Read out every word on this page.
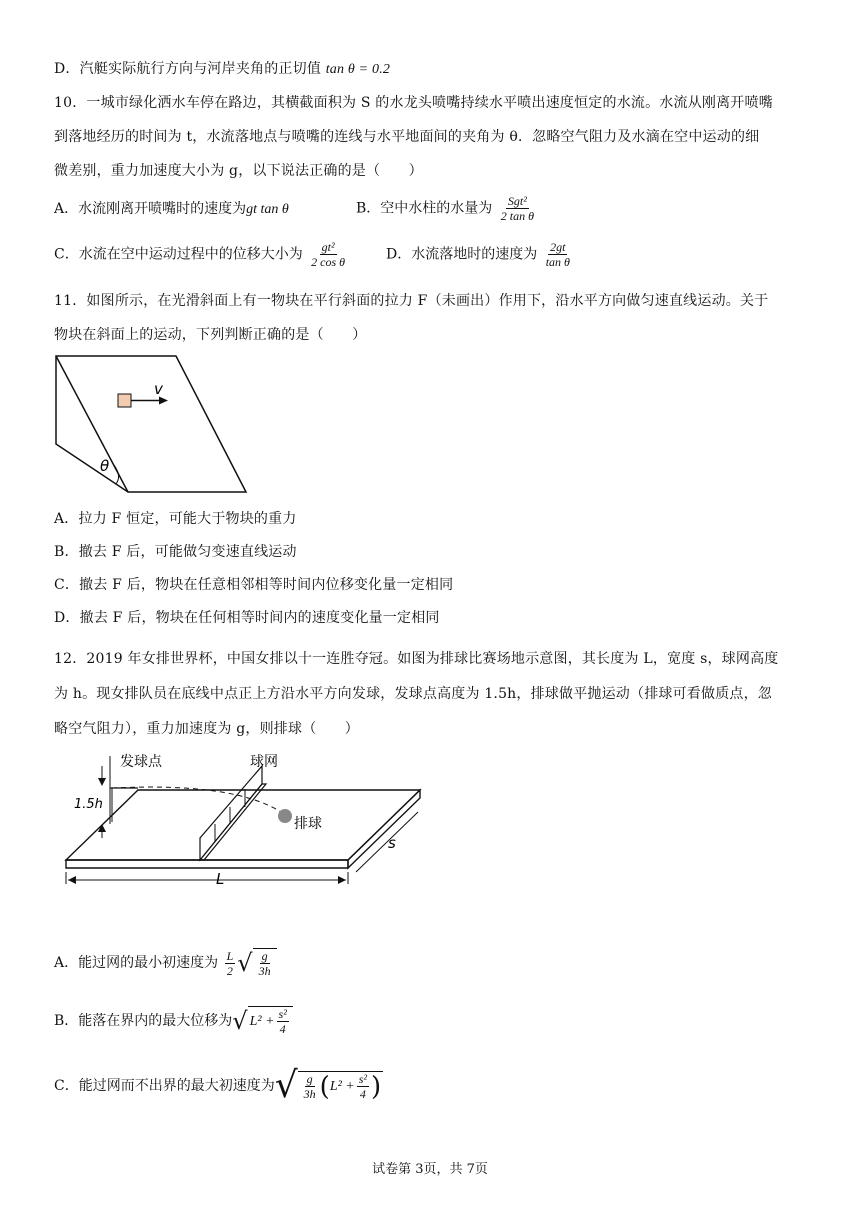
D．汽艇实际航行方向与河岸夹角的正切值 tan θ = 0.2
10．一城市绿化洒水车停在路边，其横截面积为 S 的水龙头喷嘴持续水平喷出速度恒定的水流。水流从刚离开喷嘴
到落地经历的时间为 t，水流落地点与喷嘴的连线与水平地面间的夹角为 θ．忽略空气阻力及水滴在空中运动的细
微差别，重力加速度大小为 g，以下说法正确的是（　　）
A．水流刚离开喷嘴时的速度为gt tan θ	B．空中水柱的水量为 $\frac{\text{Sgt²}}{\text{2 tan θ}}$
C．水流在空中运动过程中的位移大小为 $\frac{\text{gt²}}{\text{2 cos θ}}$	D．水流落地时的速度为 $\frac{2gt}{\text{tan θ}}$
11．如图所示，在光滑斜面上有一物块在平行斜面的拉力 F（未画出）作用下，沿水平方向做匀速直线运动。关于
物块在斜面上的运动，下列判断正确的是（　　）
v
θ
A．拉力 F 恒定，可能大于物块的重力
B．撤去 F 后，可能做匀变速直线运动
C．撤去 F 后，物块在任意相邻相等时间内位移变化量一定相同
D．撤去 F 后，物块在任何相等时间内的速度变化量一定相同
12．2019 年女排世界杯，中国女排以十一连胜夺冠。如图为排球比赛场地示意图，其长度为 L，宽度 s，球网高度
为 h。现女排队员在底线中点正上方沿水平方向发球，发球点高度为 1.5h，排球做平抛运动（排球可看做质点，忽
略空气阻力），重力加速度为 g，则排球（　　）
1.5h
发球点	球网
排球
s
L
A．能过网的最小初速度为 $\frac{L}{2}$ √ $\frac{g}{3h}$
B．能落在界内的最大位移为 √ $L^2 + \frac{\text{s²}}{4}$
C．能过网而不出界的最大初速度为 √ $\frac{g}{3h}$ ( $L^2 + \frac{\text{s²}}{4}$ )
试卷第 3页，共 7页
